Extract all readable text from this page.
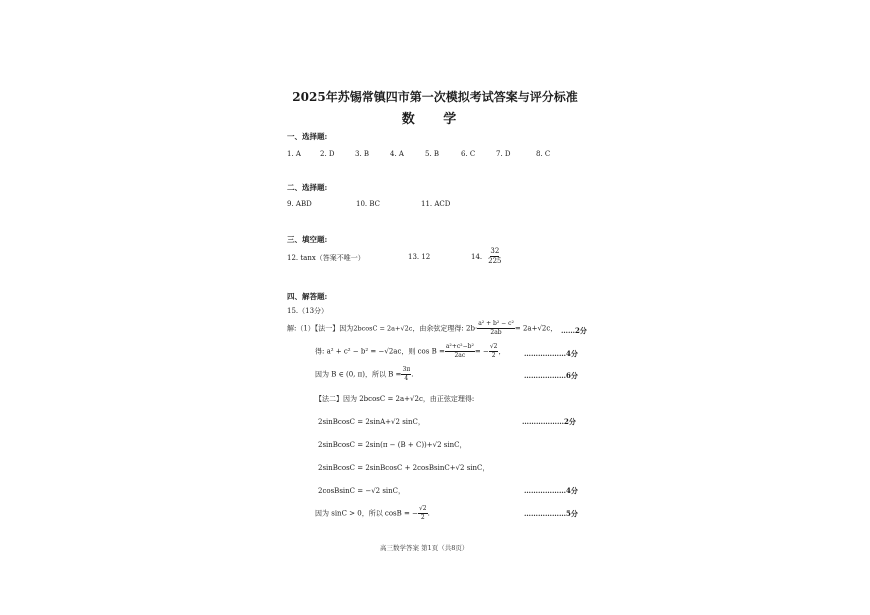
2025年苏锡常镇四市第一次模拟考试答案与评分标准
数 学
一、选择题:
1. A	2. D	3. B	4. A	5. B	6. C	7. D	8. C
二、选择题:
9. ABD	10. BC	11. ACD
三、填空题:
12. tanx（答案不唯一）	13. 12	14. $\frac{32}{225}$
四、解答题:
15.（13分）
解:（1）【法一】因为2bcosC = 2a+√2c，由余弦定理得: $2b\cdot \frac{\text{a² + b² − c²}}{2ab} = 2a+√2c$， ……2分
得: a² + c² − b² = −√2ac，则 $\cos B = \frac{\text{a²+c²−b²}}{2ac}$ = − $\frac{√2}{2}$ ，	………………4分
因为 B ∈ (0, π)，所以 $B = \frac{3\pi}{4}$ .	………………6分
【法二】因为 2bcosC = 2a+√2c，由正弦定理得:
2sinBcosC = 2sinA+√2 sinC，	………………2分
2sinBcosC = 2sin(π − (B + C))+√2 sinC，
2sinBcosC = 2sinBcosC + 2cosBsinC+√2 sinC，
2cosBsinC = −√2 sinC，	………………4分
因为 sinC > 0，所以 cosB = − $\frac{√2}{2}$ .	………………5分
高三数学答案 第1页（共8页）
